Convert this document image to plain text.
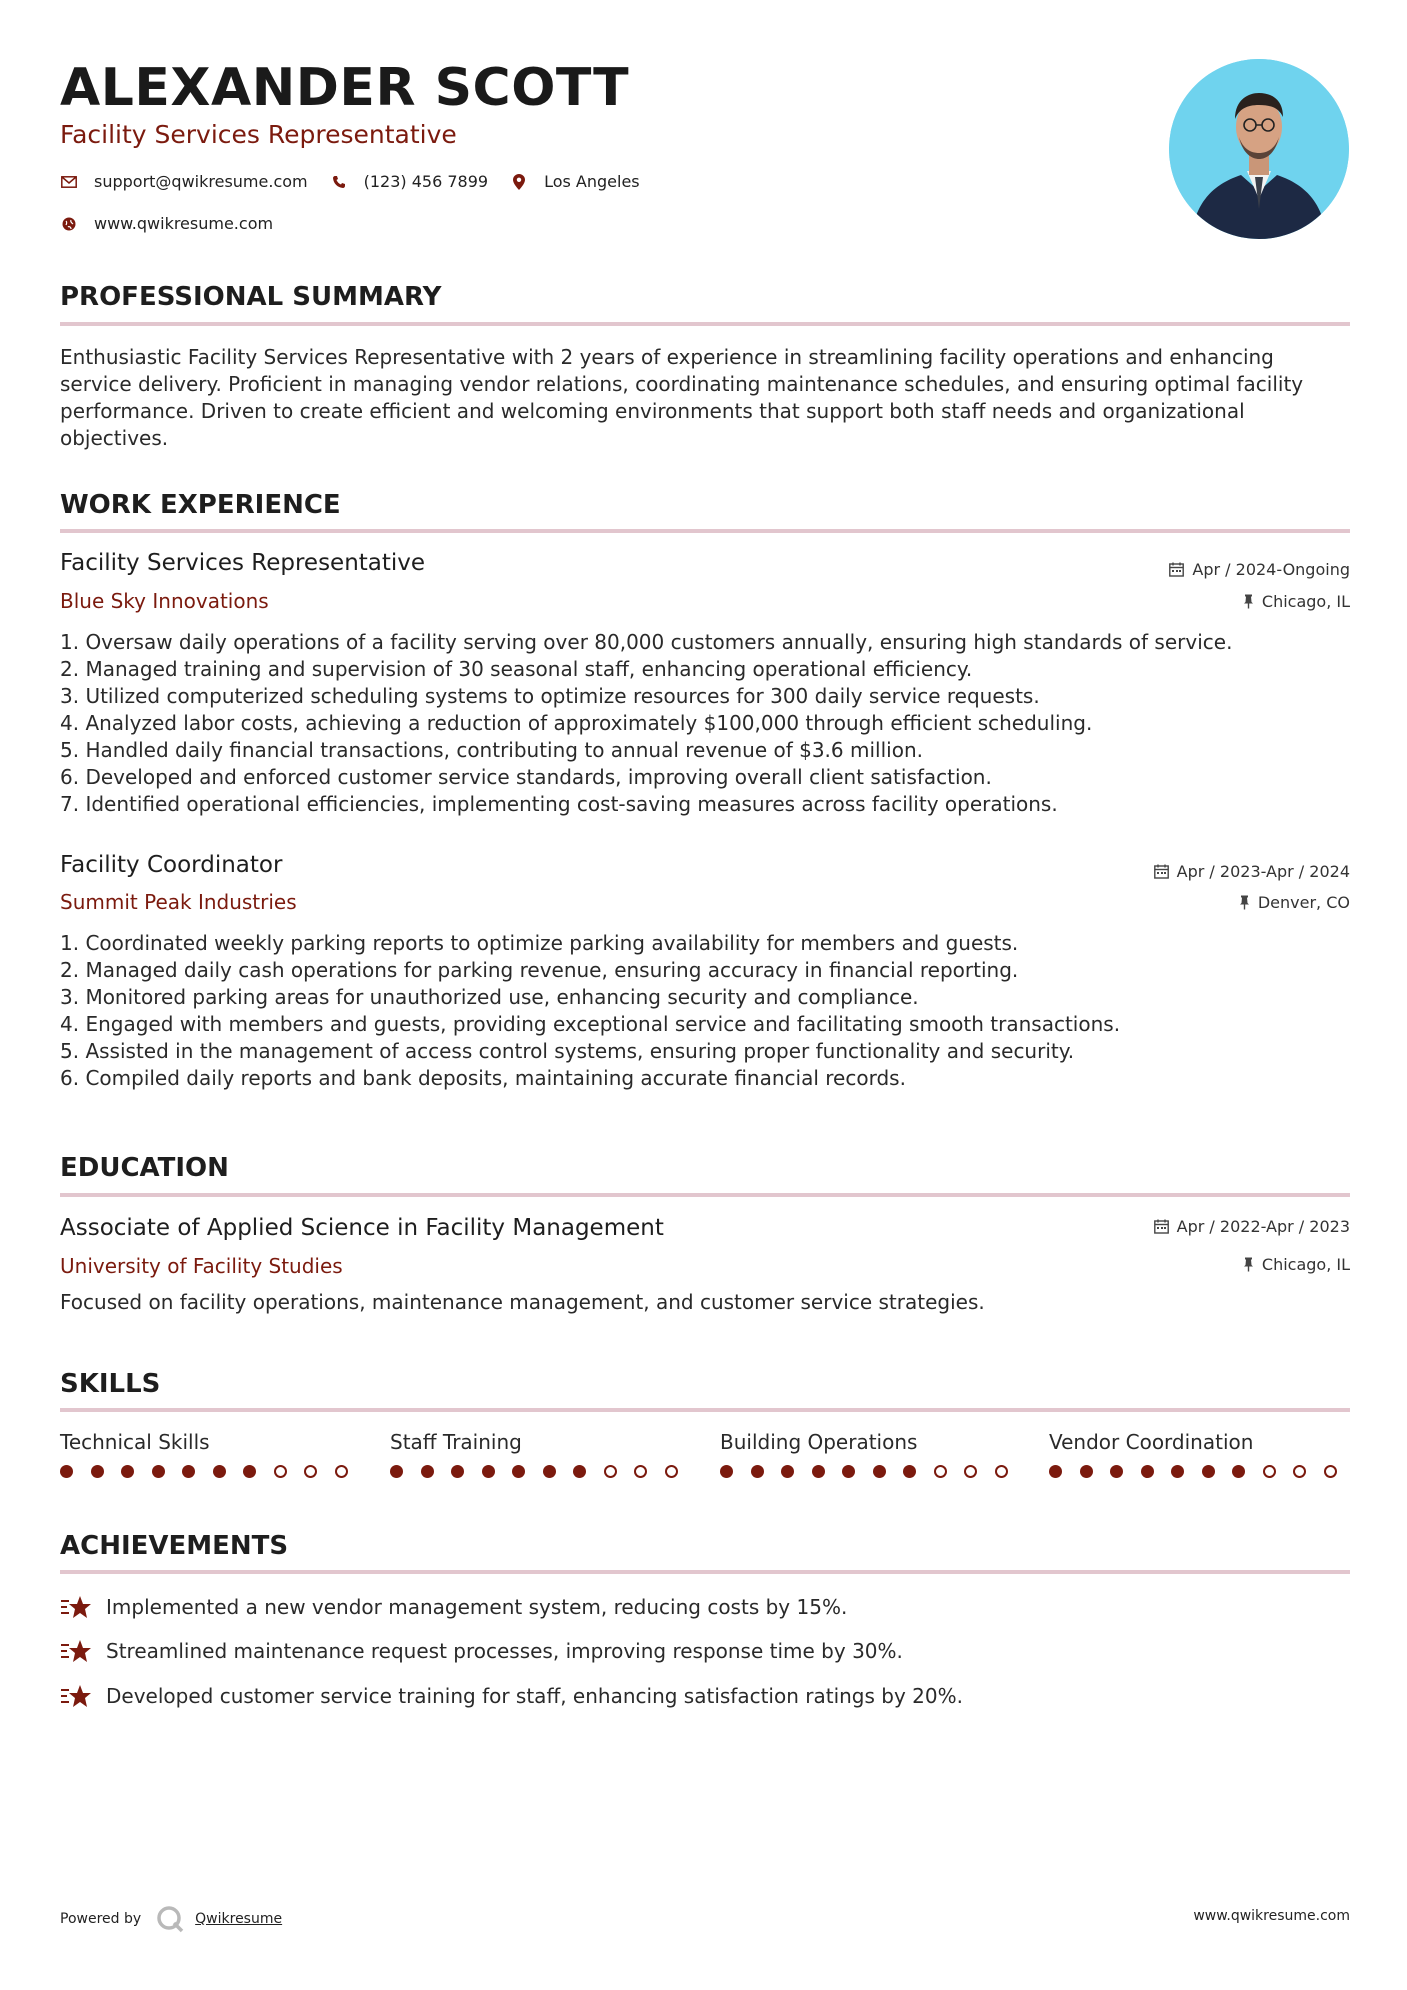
ALEXANDER SCOTT
Facility Services Representative
support@qwikresume.com	(123) 456 7899	Los Angeles
www.qwikresume.com
PROFESSIONAL SUMMARY
Enthusiastic Facility Services Representative with 2 years of experience in streamlining facility operations and enhancing service delivery. Proficient in managing vendor relations, coordinating maintenance schedules, and ensuring optimal facility performance. Driven to create efficient and welcoming environments that support both staff needs and organizational objectives.
WORK EXPERIENCE
Facility Services Representative	Apr / 2024-Ongoing
Blue Sky Innovations	Chicago, IL
1. Oversaw daily operations of a facility serving over 80,000 customers annually, ensuring high standards of service.
2. Managed training and supervision of 30 seasonal staff, enhancing operational efficiency.
3. Utilized computerized scheduling systems to optimize resources for 300 daily service requests.
4. Analyzed labor costs, achieving a reduction of approximately $100,000 through efficient scheduling.
5. Handled daily financial transactions, contributing to annual revenue of $3.6 million.
6. Developed and enforced customer service standards, improving overall client satisfaction.
7. Identified operational efficiencies, implementing cost-saving measures across facility operations.
Facility Coordinator	Apr / 2023-Apr / 2024
Summit Peak Industries	Denver, CO
1. Coordinated weekly parking reports to optimize parking availability for members and guests.
2. Managed daily cash operations for parking revenue, ensuring accuracy in financial reporting.
3. Monitored parking areas for unauthorized use, enhancing security and compliance.
4. Engaged with members and guests, providing exceptional service and facilitating smooth transactions.
5. Assisted in the management of access control systems, ensuring proper functionality and security.
6. Compiled daily reports and bank deposits, maintaining accurate financial records.
EDUCATION
Associate of Applied Science in Facility Management	Apr / 2022-Apr / 2023
University of Facility Studies	Chicago, IL
Focused on facility operations, maintenance management, and customer service strategies.
SKILLS
Technical Skills	Staff Training	Building Operations	Vendor Coordination
ACHIEVEMENTS
Implemented a new vendor management system, reducing costs by 15%.
Streamlined maintenance request processes, improving response time by 30%.
Developed customer service training for staff, enhancing satisfaction ratings by 20%.
Powered by	Qwikresume	www.qwikresume.com
